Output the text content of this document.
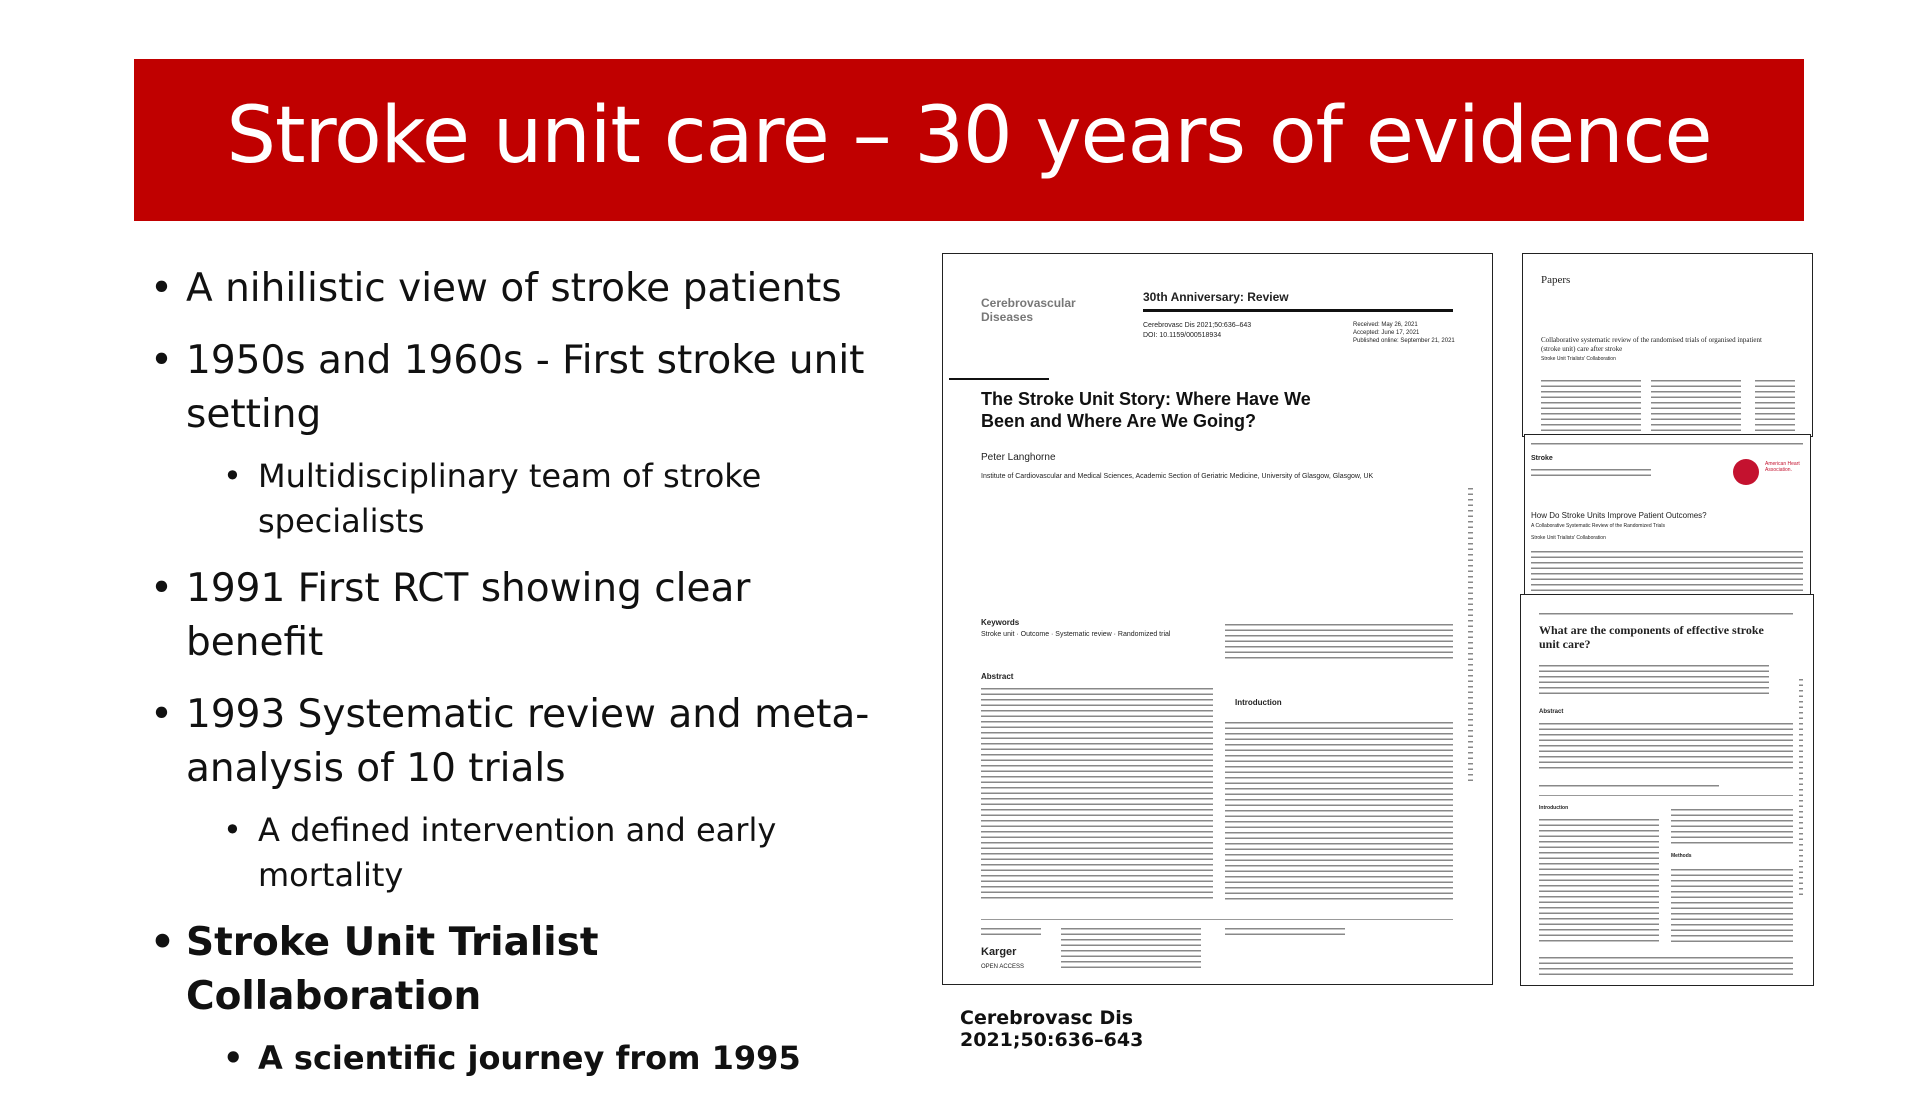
Stroke unit care – 30 years of evidence
• A nihilistic view of stroke patients
• 1950s and 1960s - First stroke unit setting
• Multidisciplinary team of stroke specialists
• 1991 First RCT showing clear benefit
• 1993 Systematic review and meta-analysis of 10 trials
• A defined intervention and early mortality
• Stroke Unit Trialist Collaboration
• A scientific journey from 1995
Cerebrovascular Diseases
30th Anniversary: Review
Cerebrovasc Dis 2021;50:636–643
DOI: 10.1159/000518934
Received: May 26, 2021
Accepted: June 17, 2021
Published online: September 21, 2021
The Stroke Unit Story: Where Have We Been and Where Are We Going?
Peter Langhorne
Institute of Cardiovascular and Medical Sciences, Academic Section of Geriatric Medicine, University of Glasgow, Glasgow, UK
Keywords
Stroke unit · Outcome · Systematic review · Randomized trial
Abstract
Introduction
Karger
OPEN ACCESS
Papers
Collaborative systematic review of the randomised trials of organised inpatient (stroke unit) care after stroke
Stroke Unit Trialists' Collaboration
Stroke
American Heart Association.
How Do Stroke Units Improve Patient Outcomes?
A Collaborative Systematic Review of the Randomized Trials
Stroke Unit Trialists' Collaboration
What are the components of effective stroke unit care?
Abstract
Introduction
Methods
Cerebrovasc Dis 2021;50:636–643
